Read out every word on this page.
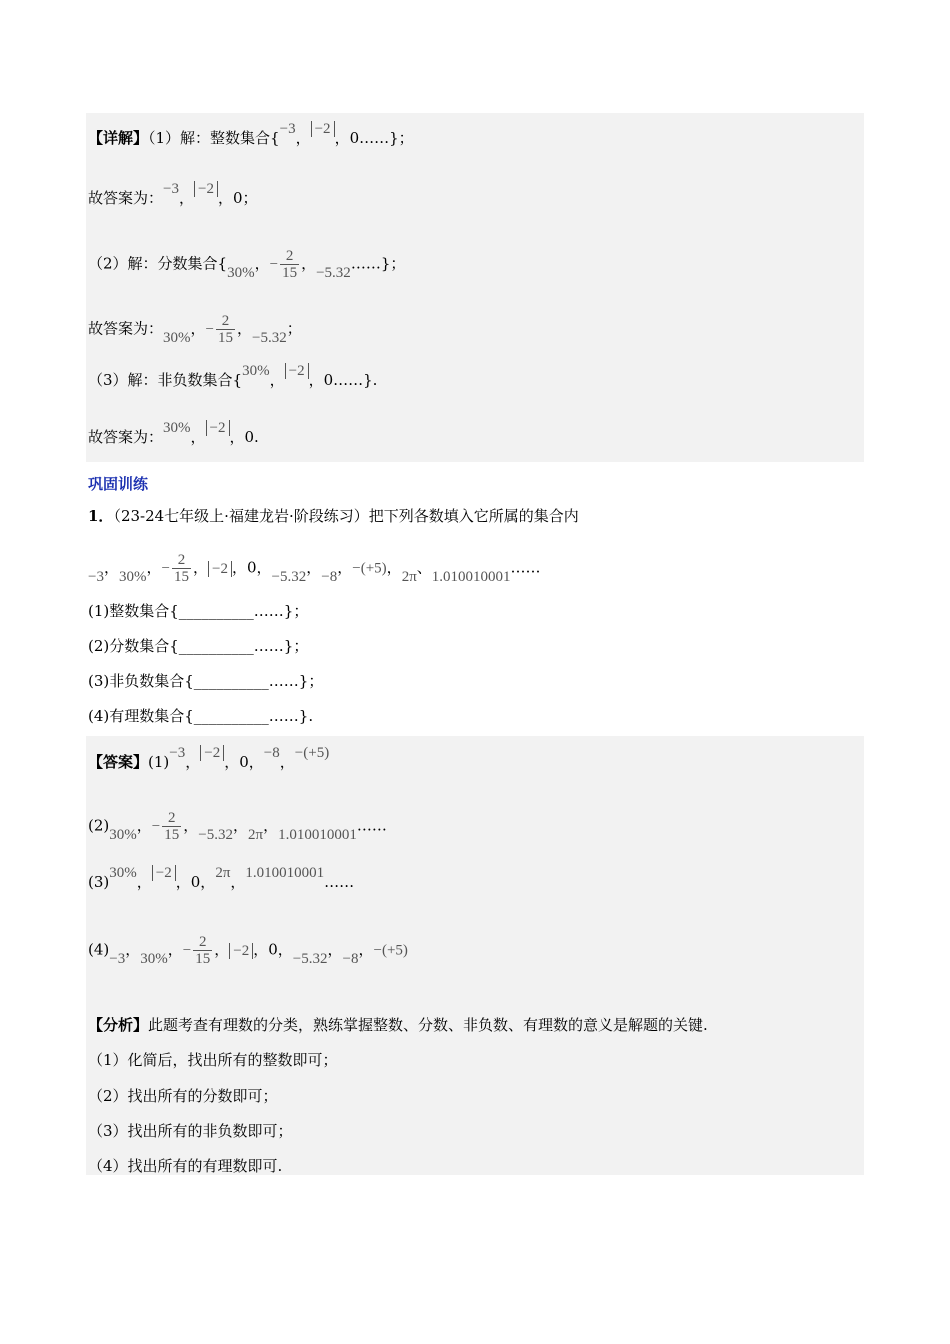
【详解】（1）解：整数集合{−3， −2 ，0……}；
故答案为：−3， −2 ，0；
（2）解：分数集合{30%，− $\frac{2}{15}$ ，−5.32……}；
故答案为：30%，− $\frac{2}{15}$ ，−5.32；
（3）解：非负数集合{30%， −2 ，0……}.
故答案为：30%， −2 ，0.
巩固训练
1．（23-24七年级上·福建龙岩·阶段练习）把下列各数填入它所属的集合内
−3，30%，− $\frac{2}{15}$ ， −2 ，0，−5.32，−8，−(+5)，2π、1.010010001……
(1)整数集合{__________……}；
(2)分数集合{__________……}；
(3)非负数集合{__________……}；
(4)有理数集合{__________……}.
【答案】(1)−3， −2 ，0，−8，−(+5)
(2)30%，− $\frac{2}{15}$ ，−5.32，2π，1.010010001……
(3)30%， −2 ，0，2π，1.010010001……
(4)−3，30%，− $\frac{2}{15}$ ， −2 ，0，−5.32，−8，−(+5)
【分析】此题考查有理数的分类，熟练掌握整数、分数、非负数、有理数的意义是解题的关键.
（1）化简后，找出所有的整数即可；
（2）找出所有的分数即可；
（3）找出所有的非负数即可；
（4）找出所有的有理数即可.
